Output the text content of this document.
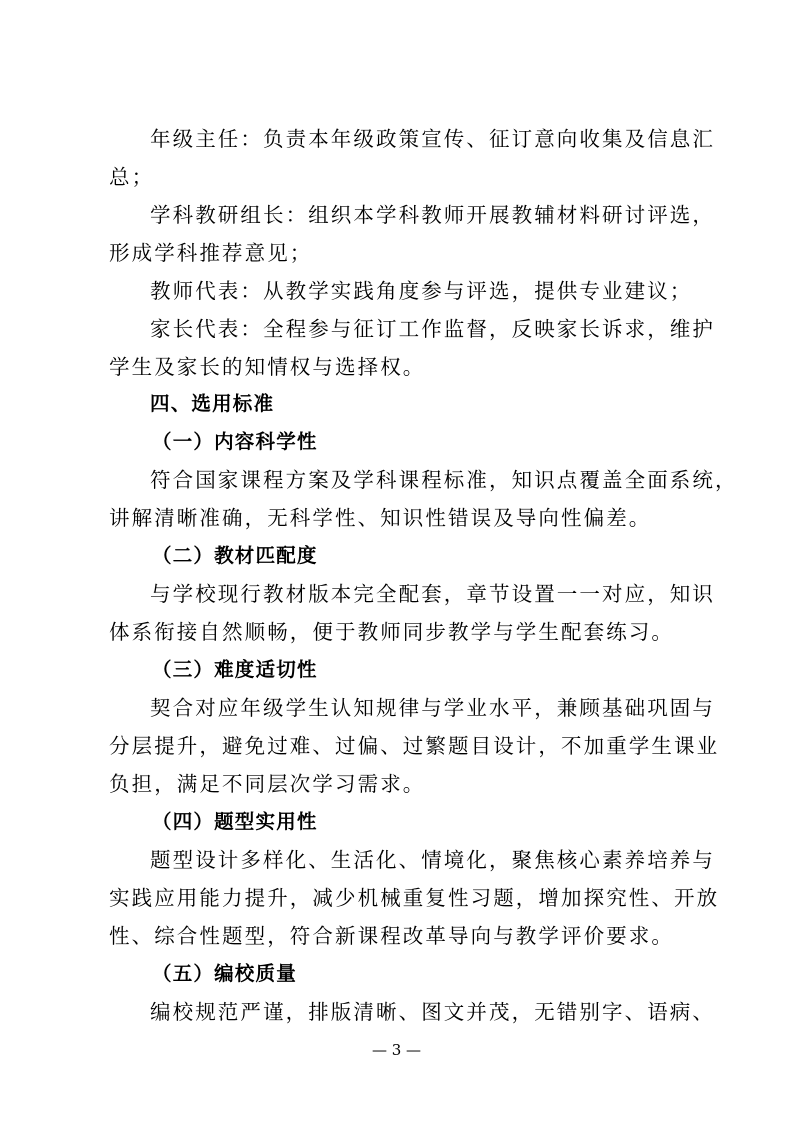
年级主任：负责本年级政策宣传、征订意向收集及信息汇
总；
学科教研组长：组织本学科教师开展教辅材料研讨评选，
形成学科推荐意见；
教师代表：从教学实践角度参与评选，提供专业建议；
家长代表：全程参与征订工作监督，反映家长诉求，维护
学生及家长的知情权与选择权。
四、选用标准
（一）内容科学性
符合国家课程方案及学科课程标准，知识点覆盖全面系统，
讲解清晰准确，无科学性、知识性错误及导向性偏差。
（二）教材匹配度
与学校现行教材版本完全配套，章节设置一一对应，知识
体系衔接自然顺畅，便于教师同步教学与学生配套练习。
（三）难度适切性
契合对应年级学生认知规律与学业水平，兼顾基础巩固与
分层提升，避免过难、过偏、过繁题目设计，不加重学生课业
负担，满足不同层次学习需求。
（四）题型实用性
题型设计多样化、生活化、情境化，聚焦核心素养培养与
实践应用能力提升，减少机械重复性习题，增加探究性、开放
性、综合性题型，符合新课程改革导向与教学评价要求。
（五）编校质量
编校规范严谨，排版清晰、图文并茂，无错别字、语病、
— 3 —
